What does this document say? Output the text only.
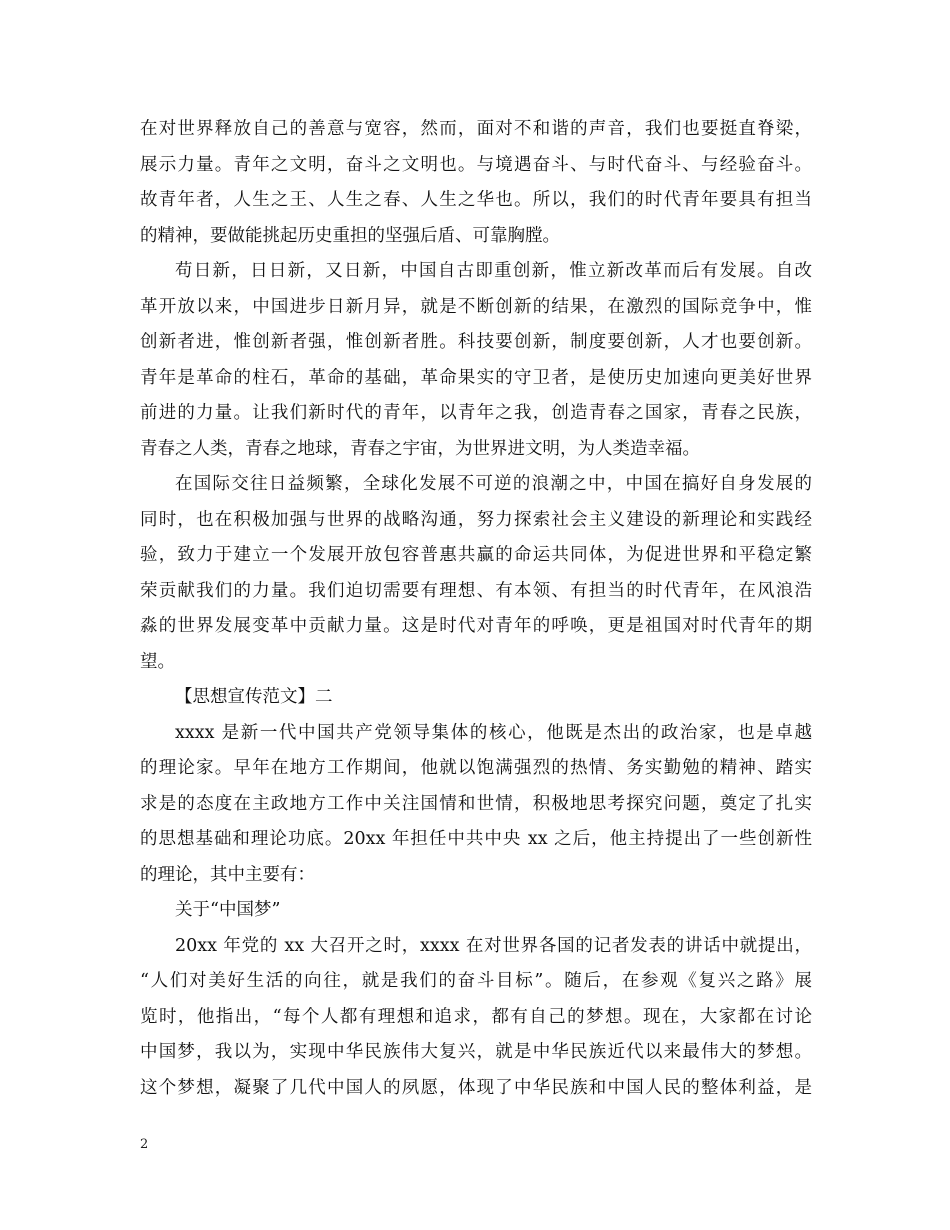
在对世界释放自己的善意与宽容，然而，面对不和谐的声音，我们也要挺直脊梁，
展示力量。青年之文明，奋斗之文明也。与境遇奋斗、与时代奋斗、与经验奋斗。
故青年者，人生之王、人生之春、人生之华也。所以，我们的时代青年要具有担当
的精神，要做能挑起历史重担的坚强后盾、可靠胸膛。
苟日新，日日新，又日新，中国自古即重创新，惟立新改革而后有发展。自改
革开放以来，中国进步日新月异，就是不断创新的结果，在激烈的国际竞争中，惟
创新者进，惟创新者强，惟创新者胜。科技要创新，制度要创新，人才也要创新。
青年是革命的柱石，革命的基础，革命果实的守卫者，是使历史加速向更美好世界
前进的力量。让我们新时代的青年，以青年之我，创造青春之国家，青春之民族，
青春之人类，青春之地球，青春之宇宙，为世界进文明，为人类造幸福。
在国际交往日益频繁，全球化发展不可逆的浪潮之中，中国在搞好自身发展的
同时，也在积极加强与世界的战略沟通，努力探索社会主义建设的新理论和实践经
验，致力于建立一个发展开放包容普惠共赢的命运共同体，为促进世界和平稳定繁
荣贡献我们的力量。我们迫切需要有理想、有本领、有担当的时代青年，在风浪浩
淼的世界发展变革中贡献力量。这是时代对青年的呼唤，更是祖国对时代青年的期
望。
【思想宣传范文】二
xxxx 是新一代中国共产党领导集体的核心，他既是杰出的政治家，也是卓越
的理论家。早年在地方工作期间，他就以饱满强烈的热情、务实勤勉的精神、踏实
求是的态度在主政地方工作中关注国情和世情，积极地思考探究问题，奠定了扎实
的思想基础和理论功底。20xx 年担任中共中央 xx 之后，他主持提出了一些创新性
的理论，其中主要有：
关于“中国梦”
20xx 年党的 xx 大召开之时，xxxx 在对世界各国的记者发表的讲话中就提出，
“人们对美好生活的向往，就是我们的奋斗目标”。随后，在参观《复兴之路》展
览时，他指出，“每个人都有理想和追求，都有自己的梦想。现在，大家都在讨论
中国梦，我以为，实现中华民族伟大复兴，就是中华民族近代以来最伟大的梦想。
这个梦想，凝聚了几代中国人的夙愿，体现了中华民族和中国人民的整体利益，是
2
